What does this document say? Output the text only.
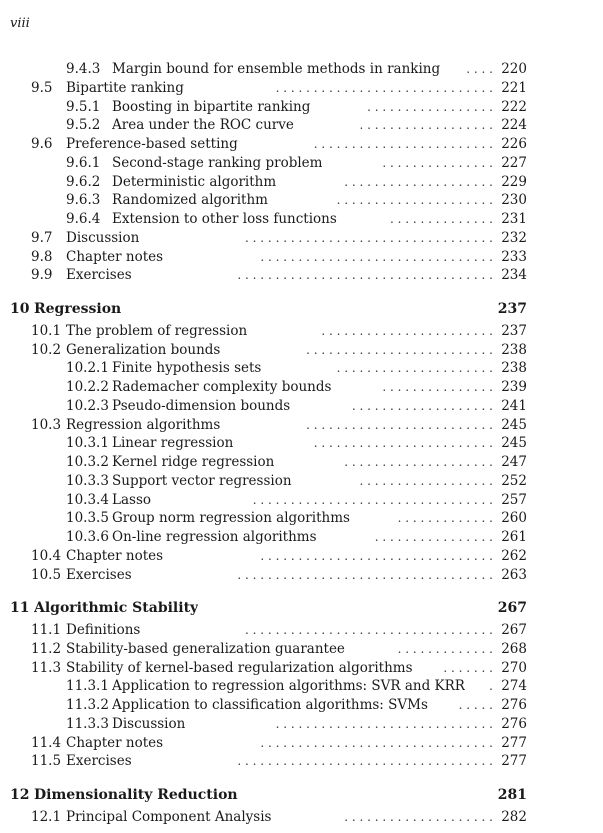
viii
9.4.3 Margin bound for ensemble methods in ranking	220
. . . .
9.5 Bipartite ranking	221
. . . . . . . . . . . . . . . . . . . . . . . . . . . . .
9.5.1 Boosting in bipartite ranking	222
. . . . . . . . . . . . . . . . .
9.5.2 Area under the ROC curve	224
. . . . . . . . . . . . . . . . . .
9.6 Preference-based setting	226
. . . . . . . . . . . . . . . . . . . . . . . .
9.6.1 Second-stage ranking problem	227
. . . . . . . . . . . . . . .
9.6.2 Deterministic algorithm	229
. . . . . . . . . . . . . . . . . . . .
9.6.3 Randomized algorithm	230
. . . . . . . . . . . . . . . . . . . . .
9.6.4 Extension to other loss functions	231
. . . . . . . . . . . . . .
9.7 Discussion	232
. . . . . . . . . . . . . . . . . . . . . . . . . . . . . . . . .
9.8 Chapter notes	233
. . . . . . . . . . . . . . . . . . . . . . . . . . . . . . .
9.9 Exercises	234
. . . . . . . . . . . . . . . . . . . . . . . . . . . . . . . . . .
10 Regression	237
10.1 The problem of regression	237
. . . . . . . . . . . . . . . . . . . . . . .
10.2 Generalization bounds	238
. . . . . . . . . . . . . . . . . . . . . . . . .
10.2.1 Finite hypothesis sets	238
. . . . . . . . . . . . . . . . . . . . .
10.2.2 Rademacher complexity bounds	239
. . . . . . . . . . . . . . .
10.2.3 Pseudo-dimension bounds	241
. . . . . . . . . . . . . . . . . . .
10.3 Regression algorithms	245
. . . . . . . . . . . . . . . . . . . . . . . . .
10.3.1 Linear regression	245
. . . . . . . . . . . . . . . . . . . . . . . .
10.3.2 Kernel ridge regression	247
. . . . . . . . . . . . . . . . . . . .
10.3.3 Support vector regression	252
. . . . . . . . . . . . . . . . . .
10.3.4 Lasso	257
. . . . . . . . . . . . . . . . . . . . . . . . . . . . . . . .
10.3.5 Group norm regression algorithms	260
. . . . . . . . . . . . .
10.3.6 On-line regression algorithms	261
. . . . . . . . . . . . . . . .
10.4 Chapter notes	262
. . . . . . . . . . . . . . . . . . . . . . . . . . . . . . .
10.5 Exercises	263
. . . . . . . . . . . . . . . . . . . . . . . . . . . . . . . . . .
11 Algorithmic Stability	267
11.1 Definitions	267
. . . . . . . . . . . . . . . . . . . . . . . . . . . . . . . . .
11.2 Stability-based generalization guarantee	268
. . . . . . . . . . . . .
11.3 Stability of kernel-based regularization algorithms	270
. . . . . . .
11.3.1 Application to regression algorithms: SVR and KRR	274
.
11.3.2 Application to classification algorithms: SVMs	276
. . . . .
11.3.3 Discussion	276
. . . . . . . . . . . . . . . . . . . . . . . . . . . . .
11.4 Chapter notes	277
. . . . . . . . . . . . . . . . . . . . . . . . . . . . . . .
11.5 Exercises	277
. . . . . . . . . . . . . . . . . . . . . . . . . . . . . . . . . .
12 Dimensionality Reduction	281
12.1 Principal Component Analysis	282
. . . . . . . . . . . . . . . . . . . .
